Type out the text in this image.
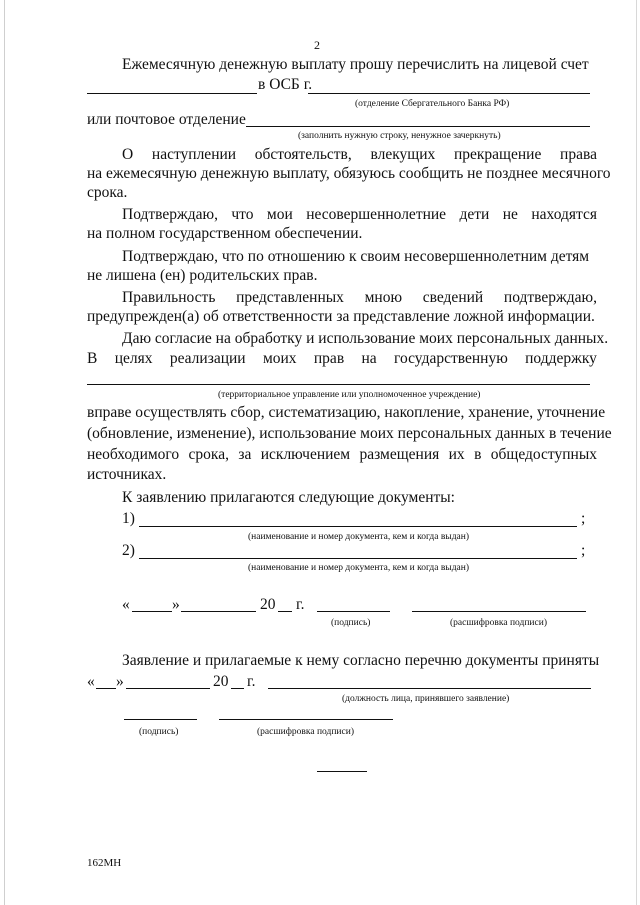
2
Ежемесячную денежную выплату прошу перечислить на лицевой счет
в ОСБ г.
(отделение Сбергательного Банка РФ)
или почтовое отделение
(заполнить нужную строку, ненужное зачеркнуть)
О наступлении обстоятельств, влекущих прекращение права
на ежемесячную денежную выплату, обязуюсь сообщить не позднее месячного
срока.
Подтверждаю, что мои несовершеннолетние дети не находятся
на полном государственном обеспечении.
Подтверждаю, что по отношению к своим несовершеннолетним детям
не лишена (ен) родительских прав.
Правильность представленных мною сведений подтверждаю,
предупрежден(а) об ответственности за представление ложной информации.
Даю согласие на обработку и использование моих персональных данных.
В целях реализации моих прав на государственную поддержку
(территориальное управление или уполномоченное учреждение)
вправе осуществлять сбор, систематизацию, накопление, хранение, уточнение
(обновление, изменение), использование моих персональных данных в течение
необходимого срока, за исключением размещения их в общедоступных
источниках.
К заявлению прилагаются следующие документы:
1)	;
(наименование и номер документа, кем и когда выдан)
2)	;
(наименование и номер документа, кем и когда выдан)
«	»	20 г.
(подпись)	(расшифровка подписи)
Заявление и прилагаемые к нему согласно перечню документы приняты
« »	20 г.
(должность лица, принявшего заявление)
(подпись)	(расшифровка подписи)
162МН
